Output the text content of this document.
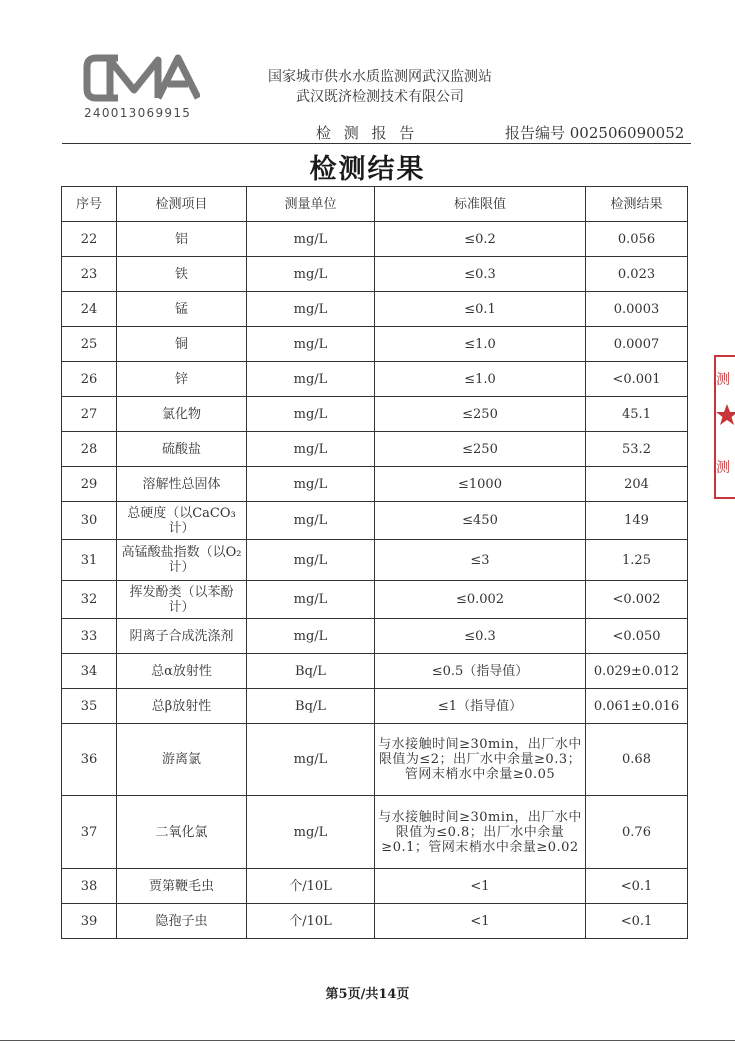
240013069915
国家城市供水水质监测网武汉监测站
武汉既济检测技术有限公司
检 测 报 告	报告编号 002506090052
检测结果
序号	检测项目	测量单位	标准限值	检测结果
22	铝	mg/L	≤0.2	0.056
23	铁	mg/L	≤0.3	0.023
24	锰	mg/L	≤0.1	0.0003
25	铜	mg/L	≤1.0	0.0007
26	锌	mg/L	≤1.0	<0.001
27	氯化物	mg/L	≤250	45.1
28	硫酸盐	mg/L	≤250	53.2
29	溶解性总固体	mg/L	≤1000	204
30	总硬度（以CaCO₃计）	mg/L	≤450	149
31	高锰酸盐指数（以O₂计）	mg/L	≤3	1.25
32	挥发酚类（以苯酚计）	mg/L	≤0.002	<0.002
33	阴离子合成洗涤剂	mg/L	≤0.3	<0.050
34	总α放射性	Bq/L	≤0.5（指导值）	0.029±0.012
35	总β放射性	Bq/L	≤1（指导值）	0.061±0.016
36	游离氯	mg/L	与水接触时间≥30min，出厂水中限值为≤2；出厂水中余量≥0.3；管网末梢水中余量≥0.05	0.68
37	二氧化氯	mg/L	与水接触时间≥30min，出厂水中限值为≤0.8；出厂水中余量≥0.1；管网末梢水中余量≥0.02	0.76
38	贾第鞭毛虫	个/10L	<1	<0.1
39	隐孢子虫	个/10L	<1	<0.1
第5页/共14页
测
测
